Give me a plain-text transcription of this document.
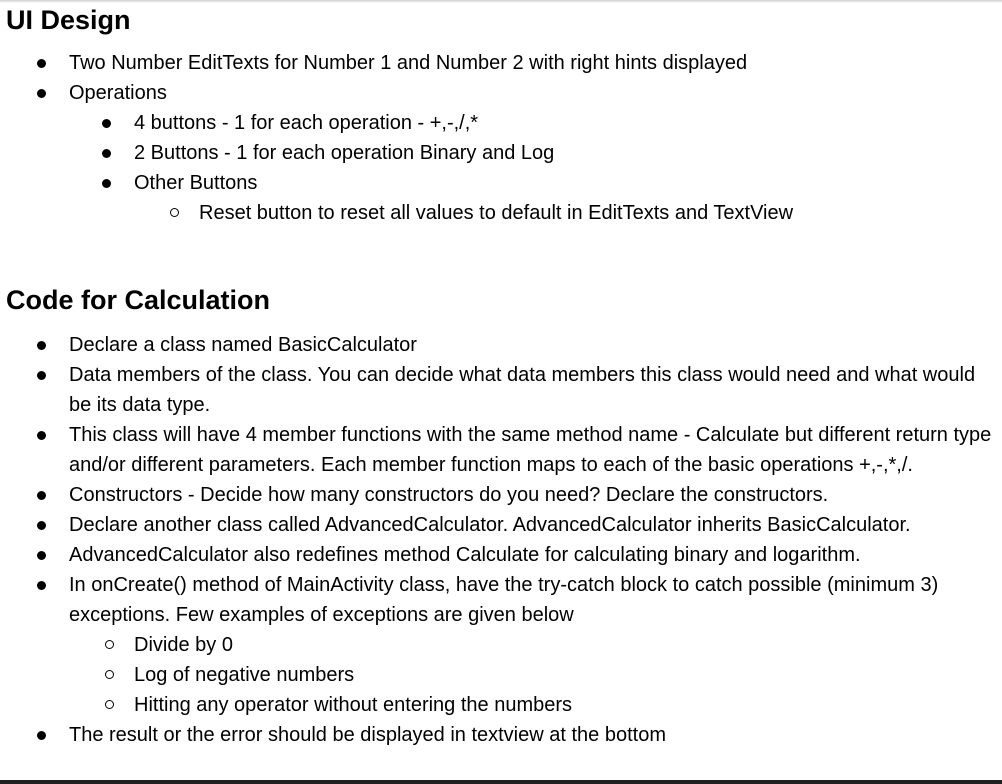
UI Design
Two Number EditTexts for Number 1 and Number 2 with right hints displayed
Operations
4 buttons - 1 for each operation - +,-,/,*
2 Buttons - 1 for each operation Binary and Log
Other Buttons
Reset button to reset all values to default in EditTexts and TextView
Code for Calculation
Declare a class named BasicCalculator
Data members of the class. You can decide what data members this class would need and what would be its data type.
This class will have 4 member functions with the same method name - Calculate but different return type and/or different parameters. Each member function maps to each of the basic operations +,-,*,/.
Constructors - Decide how many constructors do you need? Declare the constructors.
Declare another class called AdvancedCalculator. AdvancedCalculator inherits BasicCalculator.
AdvancedCalculator also redefines method Calculate for calculating binary and logarithm.
In onCreate() method of MainActivity class, have the try-catch block to catch possible (minimum 3) exceptions. Few examples of exceptions are given below
Divide by 0
Log of negative numbers
Hitting any operator without entering the numbers
The result or the error should be displayed in textview at the bottom
